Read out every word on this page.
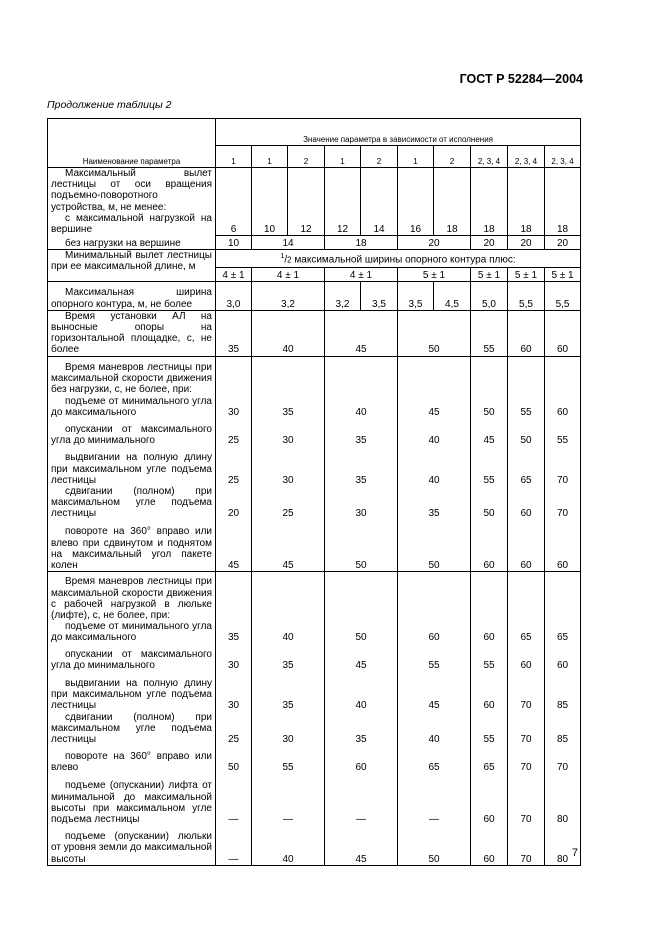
ГОСТ Р 52284—2004
Продолжение таблицы 2
Наименование параметра	Значение параметра в зависимости от исполнения									
	1	1	2	1	2	1	2	2, 3, 4	2, 3, 4	2, 3, 4

Максимальный вылет лестницы от оси вращения подъемно-поворотного устройства, м, не менее:
с максимальной нагрузкой на вершине	6	10	12	12	14	16	18	18	18	18
без нагрузки на вершине	10	14		18		20		20	20	20
Минимальный вылет лестницы при ее максимальной длине, м	$^1$/2 максимальной ширины опорного контура плюс:									
	4 ± 1	4 ± 1		4 ± 1		5 ± 1		5 ± 1	5 ± 1	5 ± 1
Максимальная ширина опорного контура, м, не более	3,0	3,2		3,2	3,5	3,5	4,5	5,0	5,5	5,5
Время установки АЛ на выносные опоры на горизонтальной площадке, с, не более	35	40		45		50		55	60	60

Время маневров лестницы при максимальной скорости движения без нагрузки, с, не более, при:
подъеме от минимального угла до максимального	30	35		40		45		50	55	60
опускании от максимального угла до минимального	25	30		35		40		45	50	55
выдвигании на полную длину при максимальном угле подъема лестницы	25	30		35		40		55	65	70
сдвигании (полном) при максимальном угле подъема лестницы	20	25		30		35		50	60	70
повороте на 360° вправо или влево при сдвинутом и поднятом на максимальный угол пакете колен	45	45		50		50		60	60	60

Время маневров лестницы при максимальной скорости движения с рабочей нагрузкой в люльке (лифте), с, не более, при:
подъеме от минимального угла до максимального	35	40		50		60		60	65	65
опускании от максимального угла до минимального	30	35		45		55		55	60	60
выдвигании на полную длину при максимальном угле подъема лестницы	30	35		40		45		60	70	85
сдвигании (полном) при максимальном угле подъема лестницы	25	30		35		40		55	70	85
повороте на 360° вправо или влево	50	55		60		65		65	70	70
подъеме (опускании) лифта от минимальной до максимальной высоты при максимальном угле подъема лестницы	—	—		—		—		60	70	80
подъеме (опускании) люльки от уровня земли до максимальной высоты	—	40		45		50		60	70	80
7
